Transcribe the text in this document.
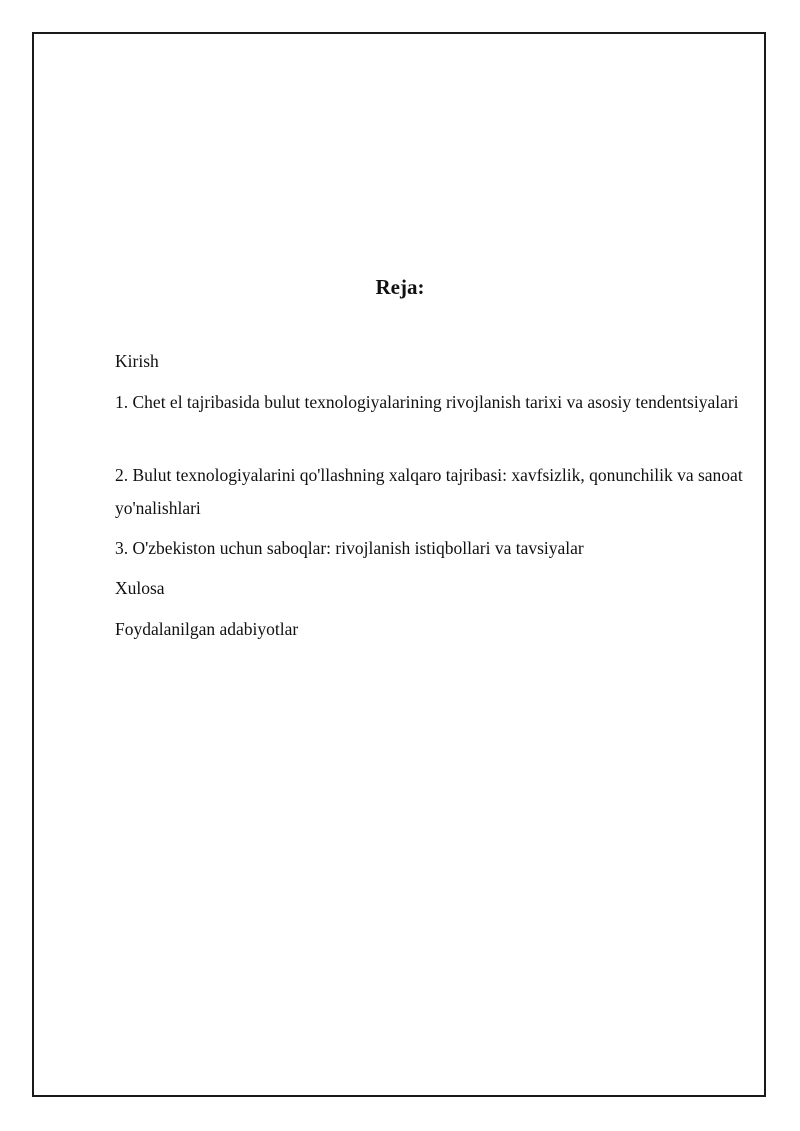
Reja:
Kirish
1. Chet el tajribasida bulut texnologiyalarining rivojlanish tarixi va asosiy tendentsiyalari
2. Bulut texnologiyalarini qo'llashning xalqaro tajribasi: xavfsizlik, qonunchilik va sanoat yo'nalishlari
3. O'zbekiston uchun saboqlar: rivojlanish istiqbollari va tavsiyalar
Xulosa
Foydalanilgan adabiyotlar
